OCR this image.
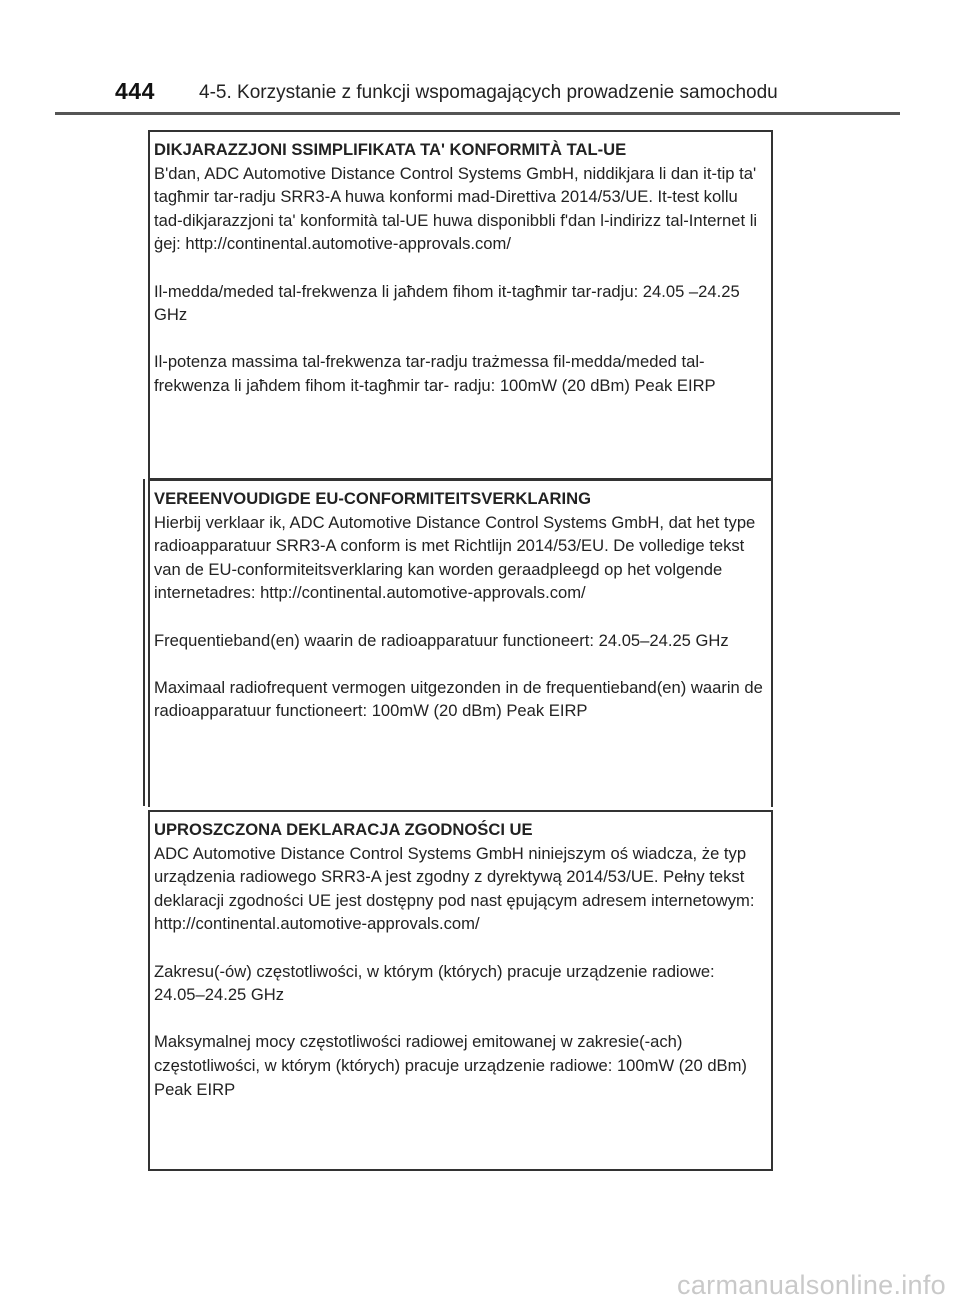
444 4-5. Korzystanie z funkcji wspomagających prowadzenie samochodu

DIKJARAZZJONI SSIMPLIFIKATA TA' KONFORMITÀ TAL-UE

B'dan, ADC Automotive Distance Control Systems GmbH, niddikjara li dan it-tip ta' tagħmir tar-radju SRR3-A huwa konformi mad-Direttiva 2014/53/UE. It-test kollu tad-dikjarazzjoni ta' konformità tal-UE huwa disponibbli f'dan l-indirizz tal-Internet li ġej: http://continental.automotive-approvals.com/

Il-medda/meded tal-frekwenza li jaħdem fihom it-tagħmir tar-radju: 24.05 –24.25 GHz

Il-potenza massima tal-frekwenza tar-radju trażmessa fil-medda/meded tal-frekwenza li jaħdem fihom it-tagħmir tar- radju: 100mW (20 dBm) Peak EIRP

VEREENVOUDIGDE EU-CONFORMITEITSVERKLARING

Hierbij verklaar ik, ADC Automotive Distance Control Systems GmbH, dat het type radioapparatuur SRR3-A conform is met Richtlijn 2014/53/EU. De volledige tekst van de EU-conformiteitsverklaring kan worden geraadpleegd op het volgende internetadres: http://continental.automotive-approvals.com/

Frequentieband(en) waarin de radioapparatuur functioneert: 24.05–24.25 GHz

Maximaal radiofrequent vermogen uitgezonden in de frequentieband(en) waarin de radioapparatuur functioneert: 100mW (20 dBm) Peak EIRP

UPROSZCZONA DEKLARACJA ZGODNOŚCI UE

ADC Automotive Distance Control Systems GmbH niniejszym oś wiadcza, że typ urządzenia radiowego SRR3-A jest zgodny z dyrektywą 2014/53/UE. Pełny tekst deklaracji zgodności UE jest dostępny pod nast ępującym adresem internetowym: http://continental.automotive-approvals.com/

Zakresu(-ów) częstotliwości, w którym (których) pracuje urządzenie radiowe: 24.05–24.25 GHz

Maksymalnej mocy częstotliwości radiowej emitowanej w zakresie(-ach) częstotliwości, w którym (których) pracuje urządzenie radiowe: 100mW (20 dBm) Peak EIRP

carmanualsonline.info
